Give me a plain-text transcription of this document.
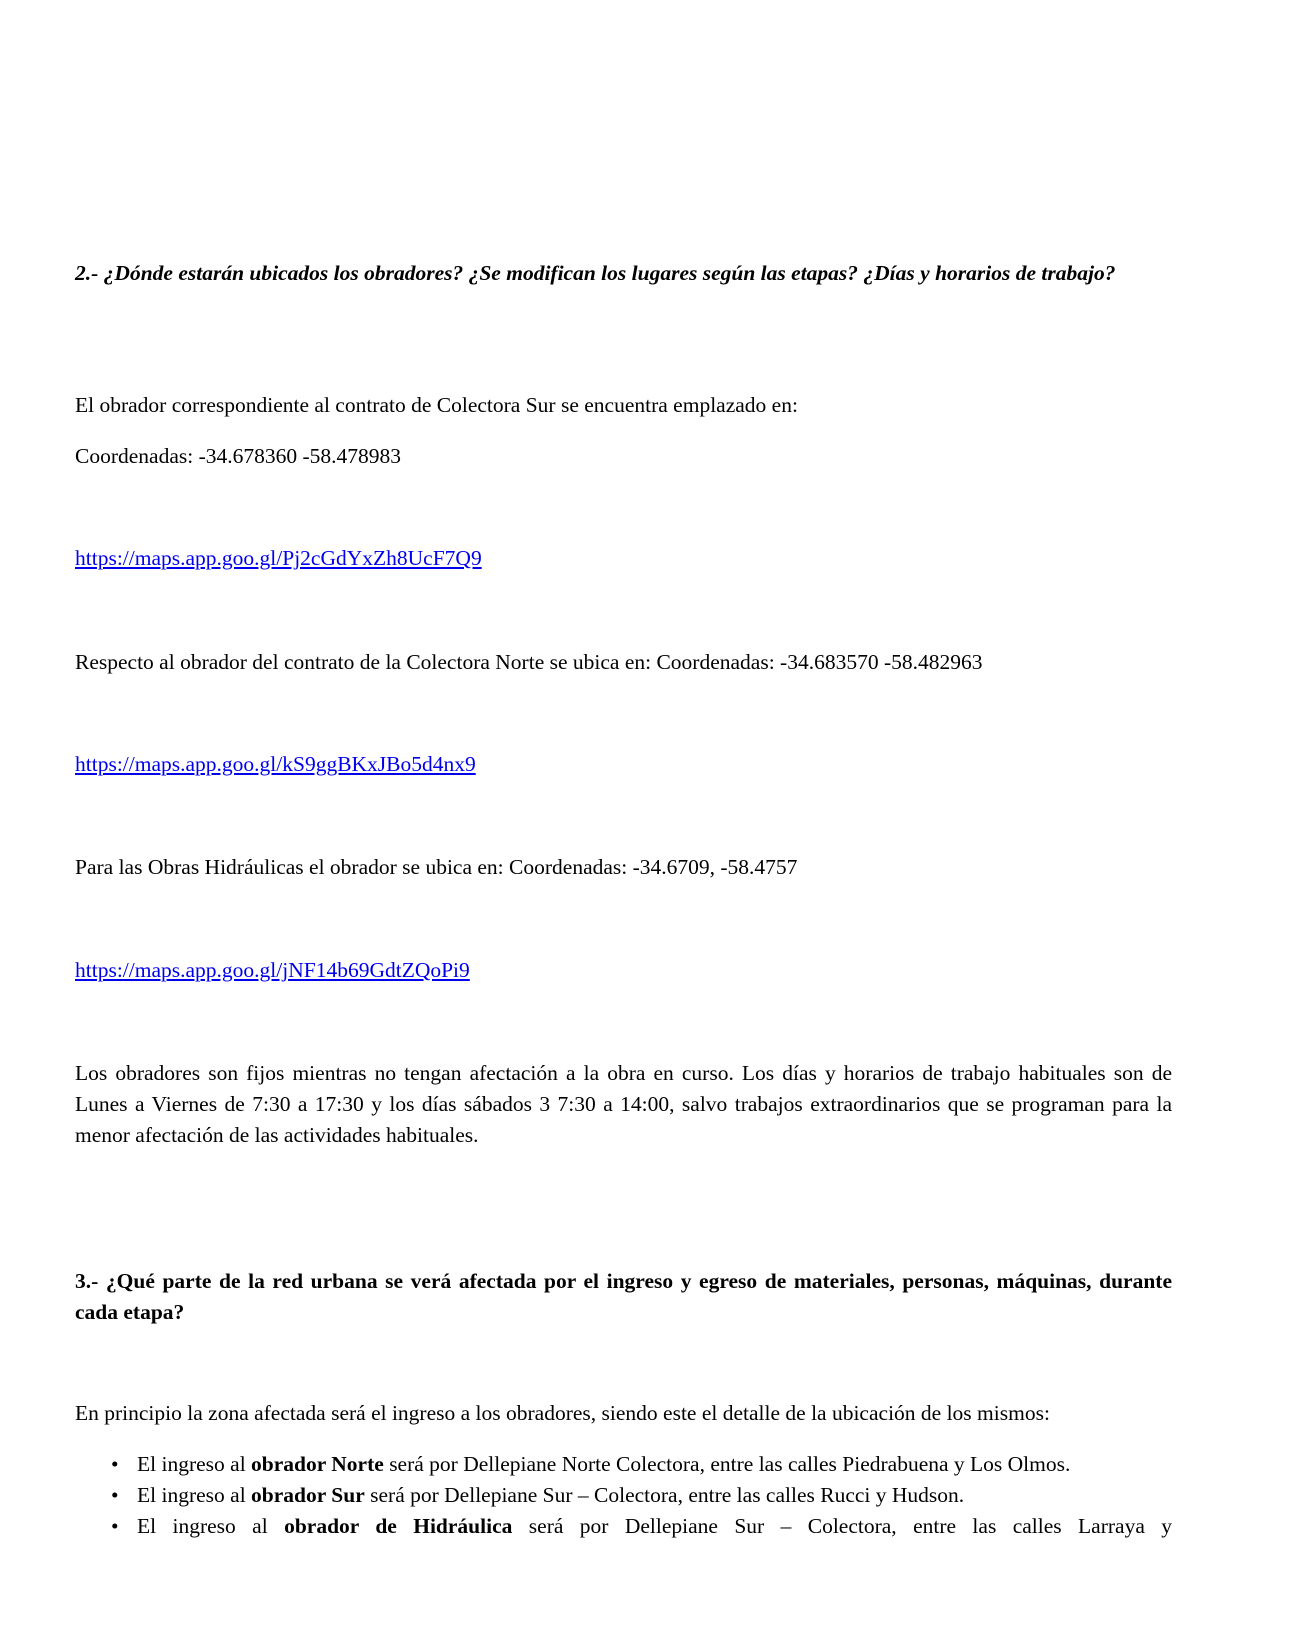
2.- ¿Dónde estarán ubicados los obradores? ¿Se modifican los lugares según las etapas? ¿Días y horarios de trabajo?
El obrador correspondiente al contrato de Colectora Sur se encuentra emplazado en:
Coordenadas: -34.678360 -58.478983
https://maps.app.goo.gl/Pj2cGdYxZh8UcF7Q9
Respecto al obrador del contrato de la Colectora Norte se ubica en: Coordenadas: -34.683570 -58.482963
https://maps.app.goo.gl/kS9ggBKxJBo5d4nx9
Para las Obras Hidráulicas el obrador se ubica en: Coordenadas: -34.6709, -58.4757
https://maps.app.goo.gl/jNF14b69GdtZQoPi9
Los obradores son fijos mientras no tengan afectación a la obra en curso. Los días y horarios de trabajo habituales son de Lunes a Viernes de 7:30 a 17:30 y los días sábados 3 7:30 a 14:00, salvo trabajos extraordinarios que se programan para la menor afectación de las actividades habituales.
3.- ¿Qué parte de la red urbana se verá afectada por el ingreso y egreso de materiales, personas, máquinas, durante cada etapa?
En principio la zona afectada será el ingreso a los obradores, siendo este el detalle de la ubicación de los mismos:
• El ingreso al obrador Norte será por Dellepiane Norte Colectora, entre las calles Piedrabuena y Los Olmos.
• El ingreso al obrador Sur será por Dellepiane Sur – Colectora, entre las calles Rucci y Hudson.
• El ingreso al obrador de Hidráulica será por Dellepiane Sur – Colectora, entre las calles Larraya y
